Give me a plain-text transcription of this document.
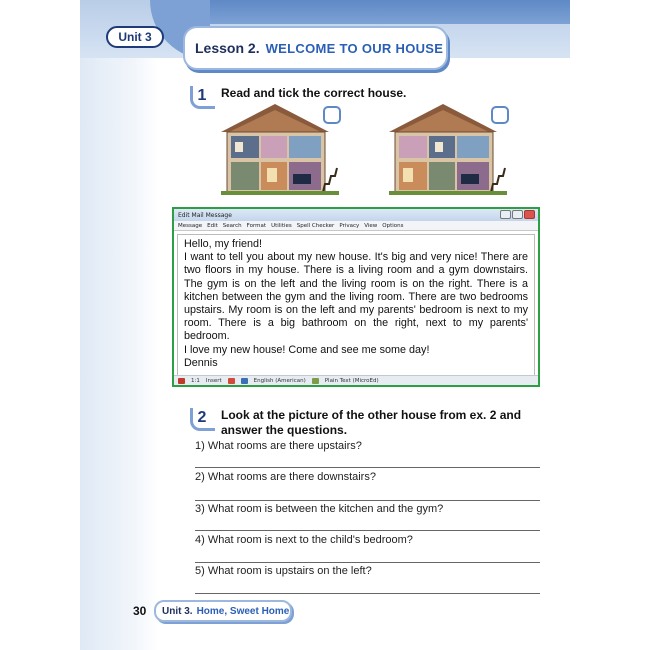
Unit 3
Lesson 2. WELCOME TO OUR HOUSE
1	Read and tick the correct house.
Edit Mail Message
Message Edit Search Format Utilities Spell Checker Privacy View Options

Hello, my friend!

I want to tell you about my new house. It's big and very nice! There are two floors in my house. There is a living room and a gym downstairs. The gym is on the left and the living room is on the right. There is a kitchen between the gym and the living room. There are two bedrooms upstairs. My room is on the left and my parents' bedroom is next to my room. There is a big bathroom on the right, next to my parents' bedroom.

I love my new house! Come and see me some day!

Dennis

1:1 Insert	English (American)	Plain Text (MicroEd)
2	Look at the picture of the other house from ex. 2 and answer the questions.
1) What rooms are there upstairs?
2) What rooms are there downstairs?
3) What room is between the kitchen and the gym?
4) What room is next to the child's bedroom?
5) What room is upstairs on the left?
30 Unit 3. Home, Sweet Home
